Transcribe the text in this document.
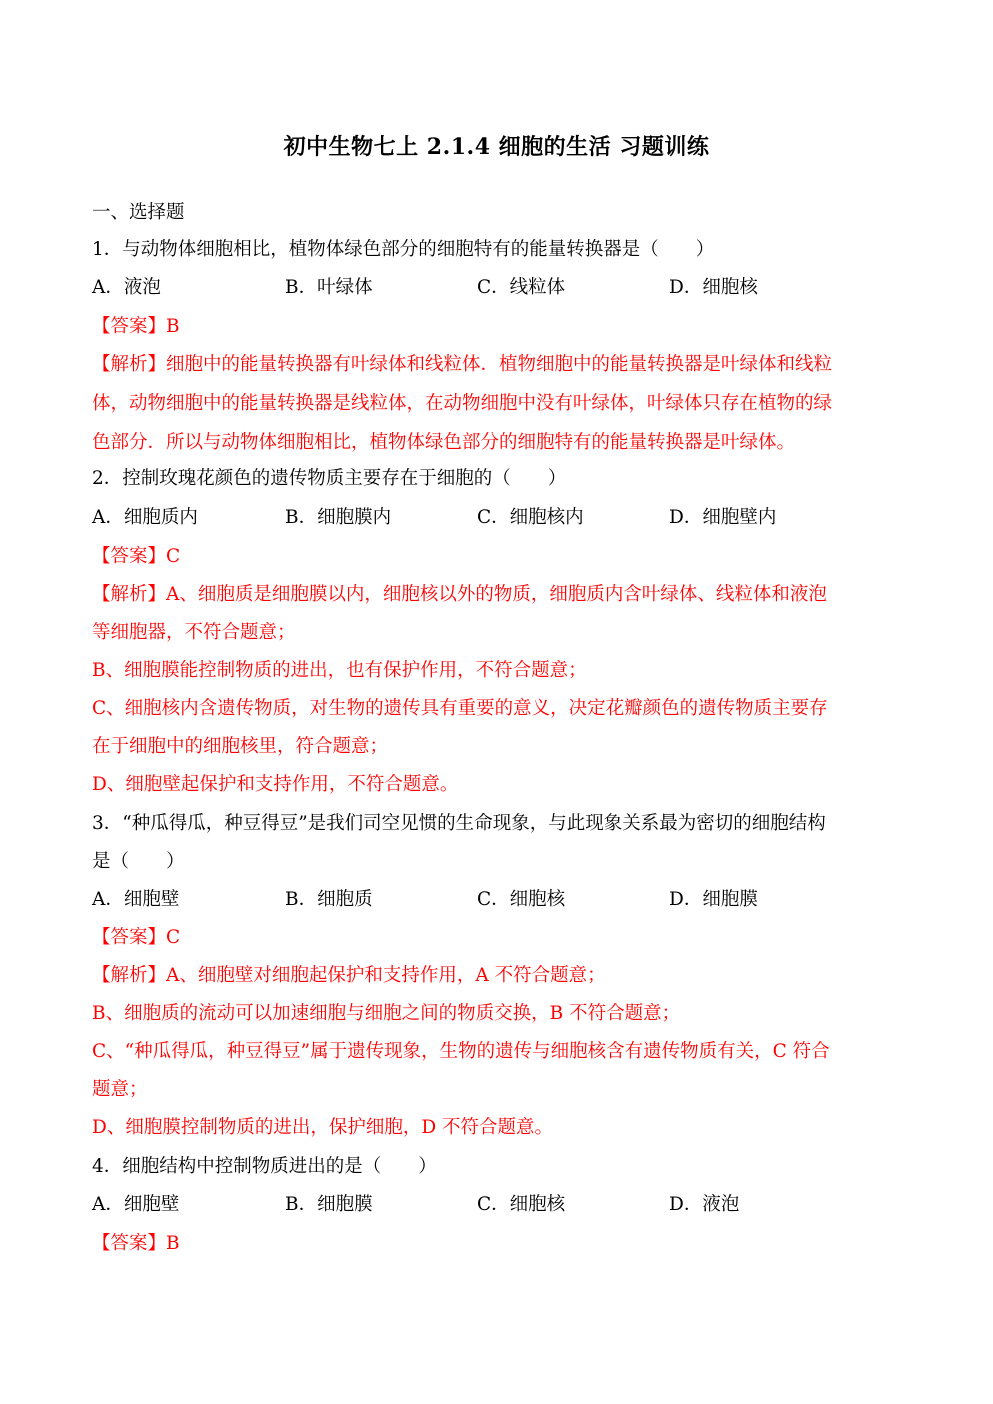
初中生物七上 2.1.4 细胞的生活 习题训练
一、选择题
1．与动物体细胞相比，植物体绿色部分的细胞特有的能量转换器是（　　）
A．液泡	B．叶绿体	C．线粒体	D．细胞核
【答案】B
【解析】细胞中的能量转换器有叶绿体和线粒体．植物细胞中的能量转换器是叶绿体和线粒
体，动物细胞中的能量转换器是线粒体，在动物细胞中没有叶绿体，叶绿体只存在植物的绿
色部分．所以与动物体细胞相比，植物体绿色部分的细胞特有的能量转换器是叶绿体。
2．控制玫瑰花颜色的遗传物质主要存在于细胞的（　　）
A．细胞质内	B．细胞膜内	C．细胞核内	D．细胞壁内
【答案】C
【解析】A、细胞质是细胞膜以内，细胞核以外的物质，细胞质内含叶绿体、线粒体和液泡
等细胞器，不符合题意；
B、细胞膜能控制物质的进出，也有保护作用，不符合题意；
C、细胞核内含遗传物质，对生物的遗传具有重要的意义，决定花瓣颜色的遗传物质主要存
在于细胞中的细胞核里，符合题意；
D、细胞壁起保护和支持作用，不符合题意。
3．“种瓜得瓜，种豆得豆”是我们司空见惯的生命现象，与此现象关系最为密切的细胞结构
是（　　）
A．细胞壁	B．细胞质	C．细胞核	D．细胞膜
【答案】C
【解析】A、细胞壁对细胞起保护和支持作用，A 不符合题意；
B、细胞质的流动可以加速细胞与细胞之间的物质交换，B 不符合题意；
C、“种瓜得瓜，种豆得豆”属于遗传现象，生物的遗传与细胞核含有遗传物质有关，C 符合
题意；
D、细胞膜控制物质的进出，保护细胞，D 不符合题意。
4．细胞结构中控制物质进出的是（　　）
A．细胞壁	B．细胞膜	C．细胞核	D．液泡
【答案】B
